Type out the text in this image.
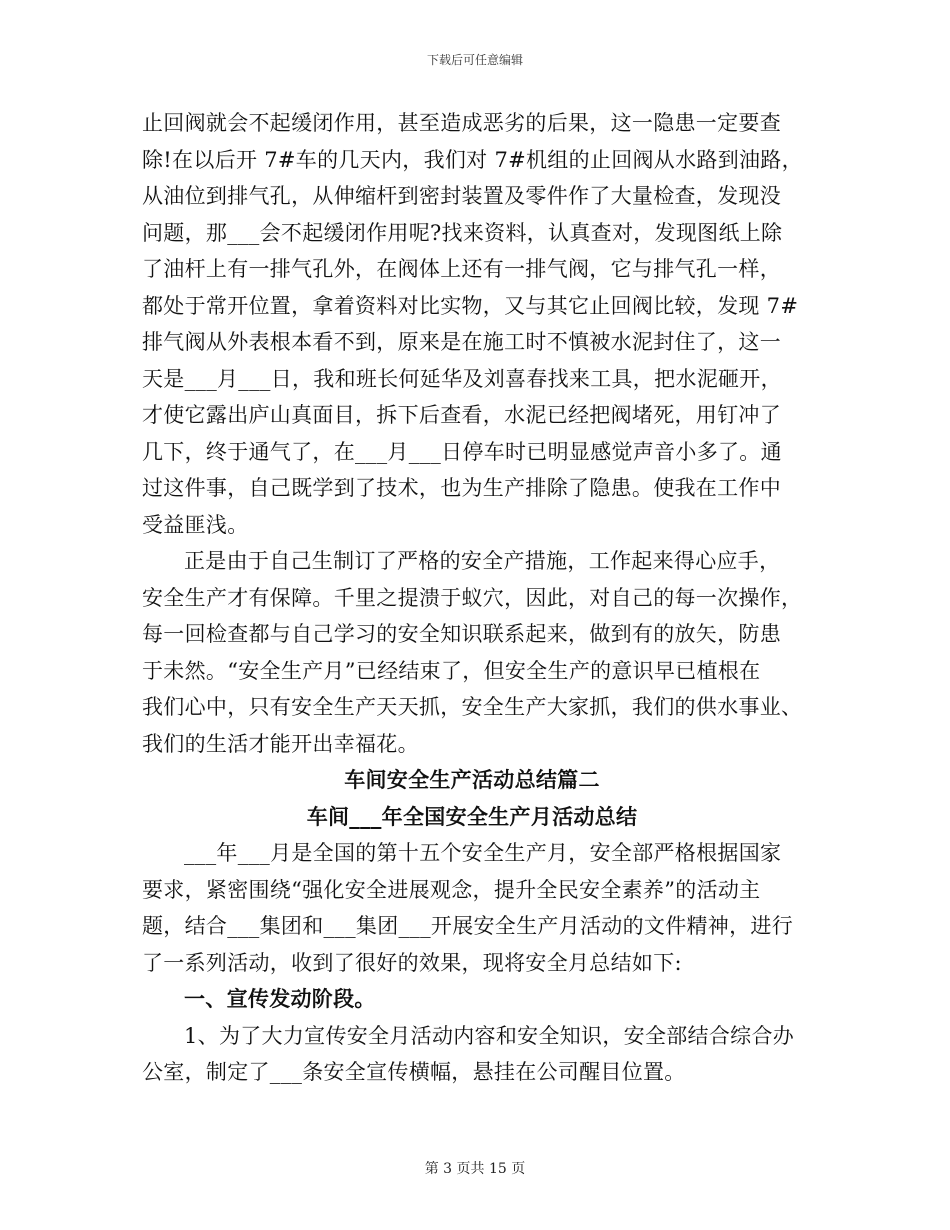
下载后可任意编辑
止回阀就会不起缓闭作用，甚至造成恶劣的后果，这一隐患一定要查
除!在以后开 7#车的几天内，我们对 7#机组的止回阀从水路到油路，
从油位到排气孔，从伸缩杆到密封装置及零件作了大量检查，发现没
问题，那___会不起缓闭作用呢?找来资料，认真查对，发现图纸上除
了油杆上有一排气孔外，在阀体上还有一排气阀，它与排气孔一样，
都处于常开位置，拿着资料对比实物，又与其它止回阀比较，发现 7#
排气阀从外表根本看不到，原来是在施工时不慎被水泥封住了，这一
天是___月___日，我和班长何延华及刘喜春找来工具，把水泥砸开，
才使它露出庐山真面目，拆下后查看，水泥已经把阀堵死，用钉冲了
几下，终于通气了，在___月___日停车时已明显感觉声音小多了。通
过这件事，自己既学到了技术，也为生产排除了隐患。使我在工作中
受益匪浅。
正是由于自己生制订了严格的安全产措施，工作起来得心应手，
安全生产才有保障。千里之提溃于蚁穴，因此，对自己的每一次操作，
每一回检查都与自己学习的安全知识联系起来，做到有的放矢，防患
于未然。“安全生产月”已经结束了，但安全生产的意识早已植根在
我们心中，只有安全生产天天抓，安全生产大家抓，我们的供水事业、
我们的生活才能开出幸福花。
车间安全生产活动总结篇二
车间___年全国安全生产月活动总结
___年___月是全国的第十五个安全生产月，安全部严格根据国家
要求，紧密围绕“强化安全进展观念，提升全民安全素养”的活动主
题，结合___集团和___集团___开展安全生产月活动的文件精神，进行
了一系列活动，收到了很好的效果，现将安全月总结如下:
一、宣传发动阶段。
1、为了大力宣传安全月活动内容和安全知识，安全部结合综合办
公室，制定了___条安全宣传横幅，悬挂在公司醒目位置。
第 3 页共 15 页
